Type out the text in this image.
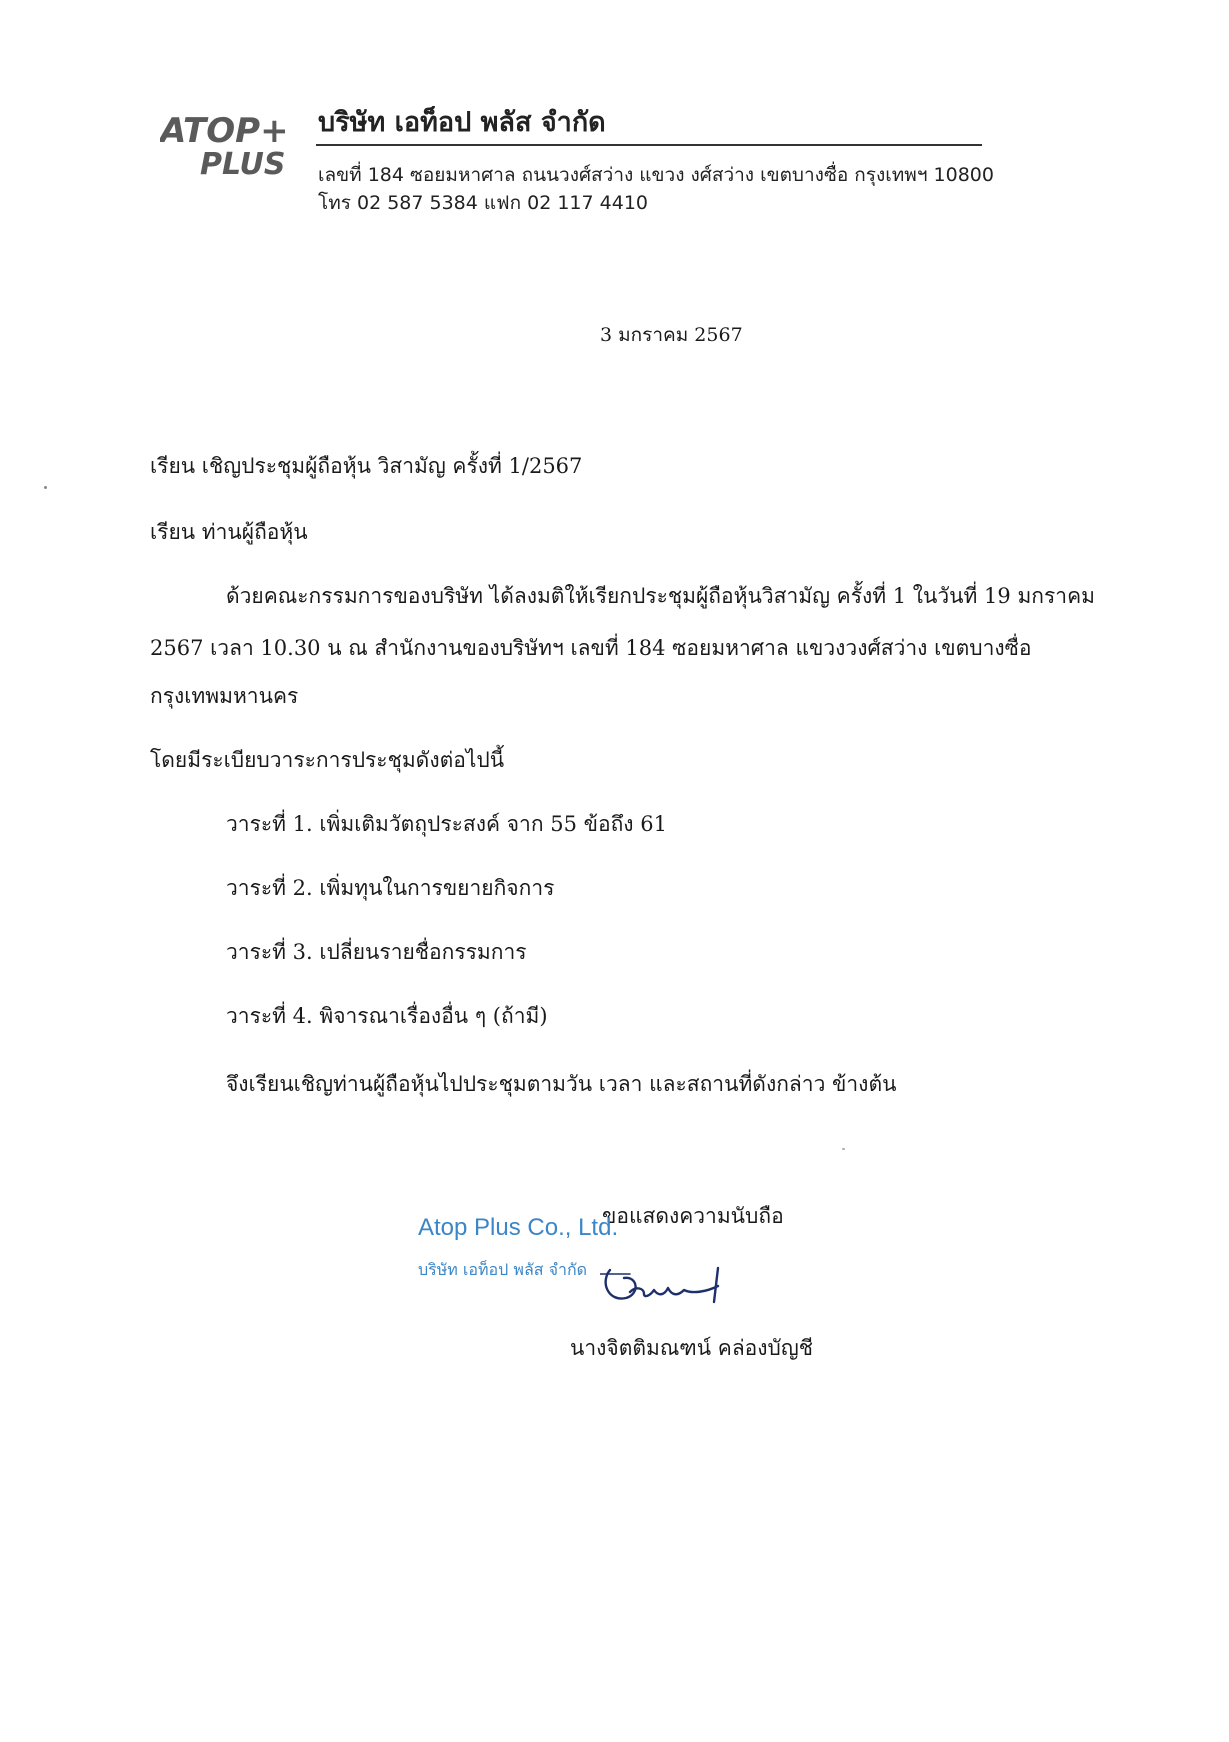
ATOP+
PLUS
บริษัท เอท็อป พลัส จำกัด
เลขที่ 184 ซอยมหาศาล ถนนวงศ์สว่าง แขวง งศ์สว่าง เขตบางซื่อ กรุงเทพฯ 10800
โทร 02 587 5384 แฟก 02 117 4410
3 มกราคม 2567
เรียน เชิญประชุมผู้ถือหุ้น วิสามัญ ครั้งที่ 1/2567
เรียน ท่านผู้ถือหุ้น
ด้วยคณะกรรมการของบริษัท ได้ลงมติให้เรียกประชุมผู้ถือหุ้นวิสามัญ ครั้งที่ 1 ในวันที่ 19 มกราคม
2567 เวลา 10.30 น ณ สำนักงานของบริษัทฯ เลขที่ 184 ซอยมหาศาล แขวงวงศ์สว่าง เขตบางซื่อ
กรุงเทพมหานคร
โดยมีระเบียบวาระการประชุมดังต่อไปนี้
วาระที่ 1. เพิ่มเติมวัตถุประสงค์ จาก 55 ข้อถึง 61
วาระที่ 2. เพิ่มทุนในการขยายกิจการ
วาระที่ 3. เปลี่ยนรายชื่อกรรมการ
วาระที่ 4. พิจารณาเรื่องอื่น ๆ (ถ้ามี)
จึงเรียนเชิญท่านผู้ถือหุ้นไปประชุมตามวัน เวลา และสถานที่ดังกล่าว ข้างต้น
ขอแสดงความนับถือ
Atop Plus Co., Ltd.
บริษัท เอท็อป พลัส จำกัด
นางจิตติมณฑน์ คล่องบัญชี
